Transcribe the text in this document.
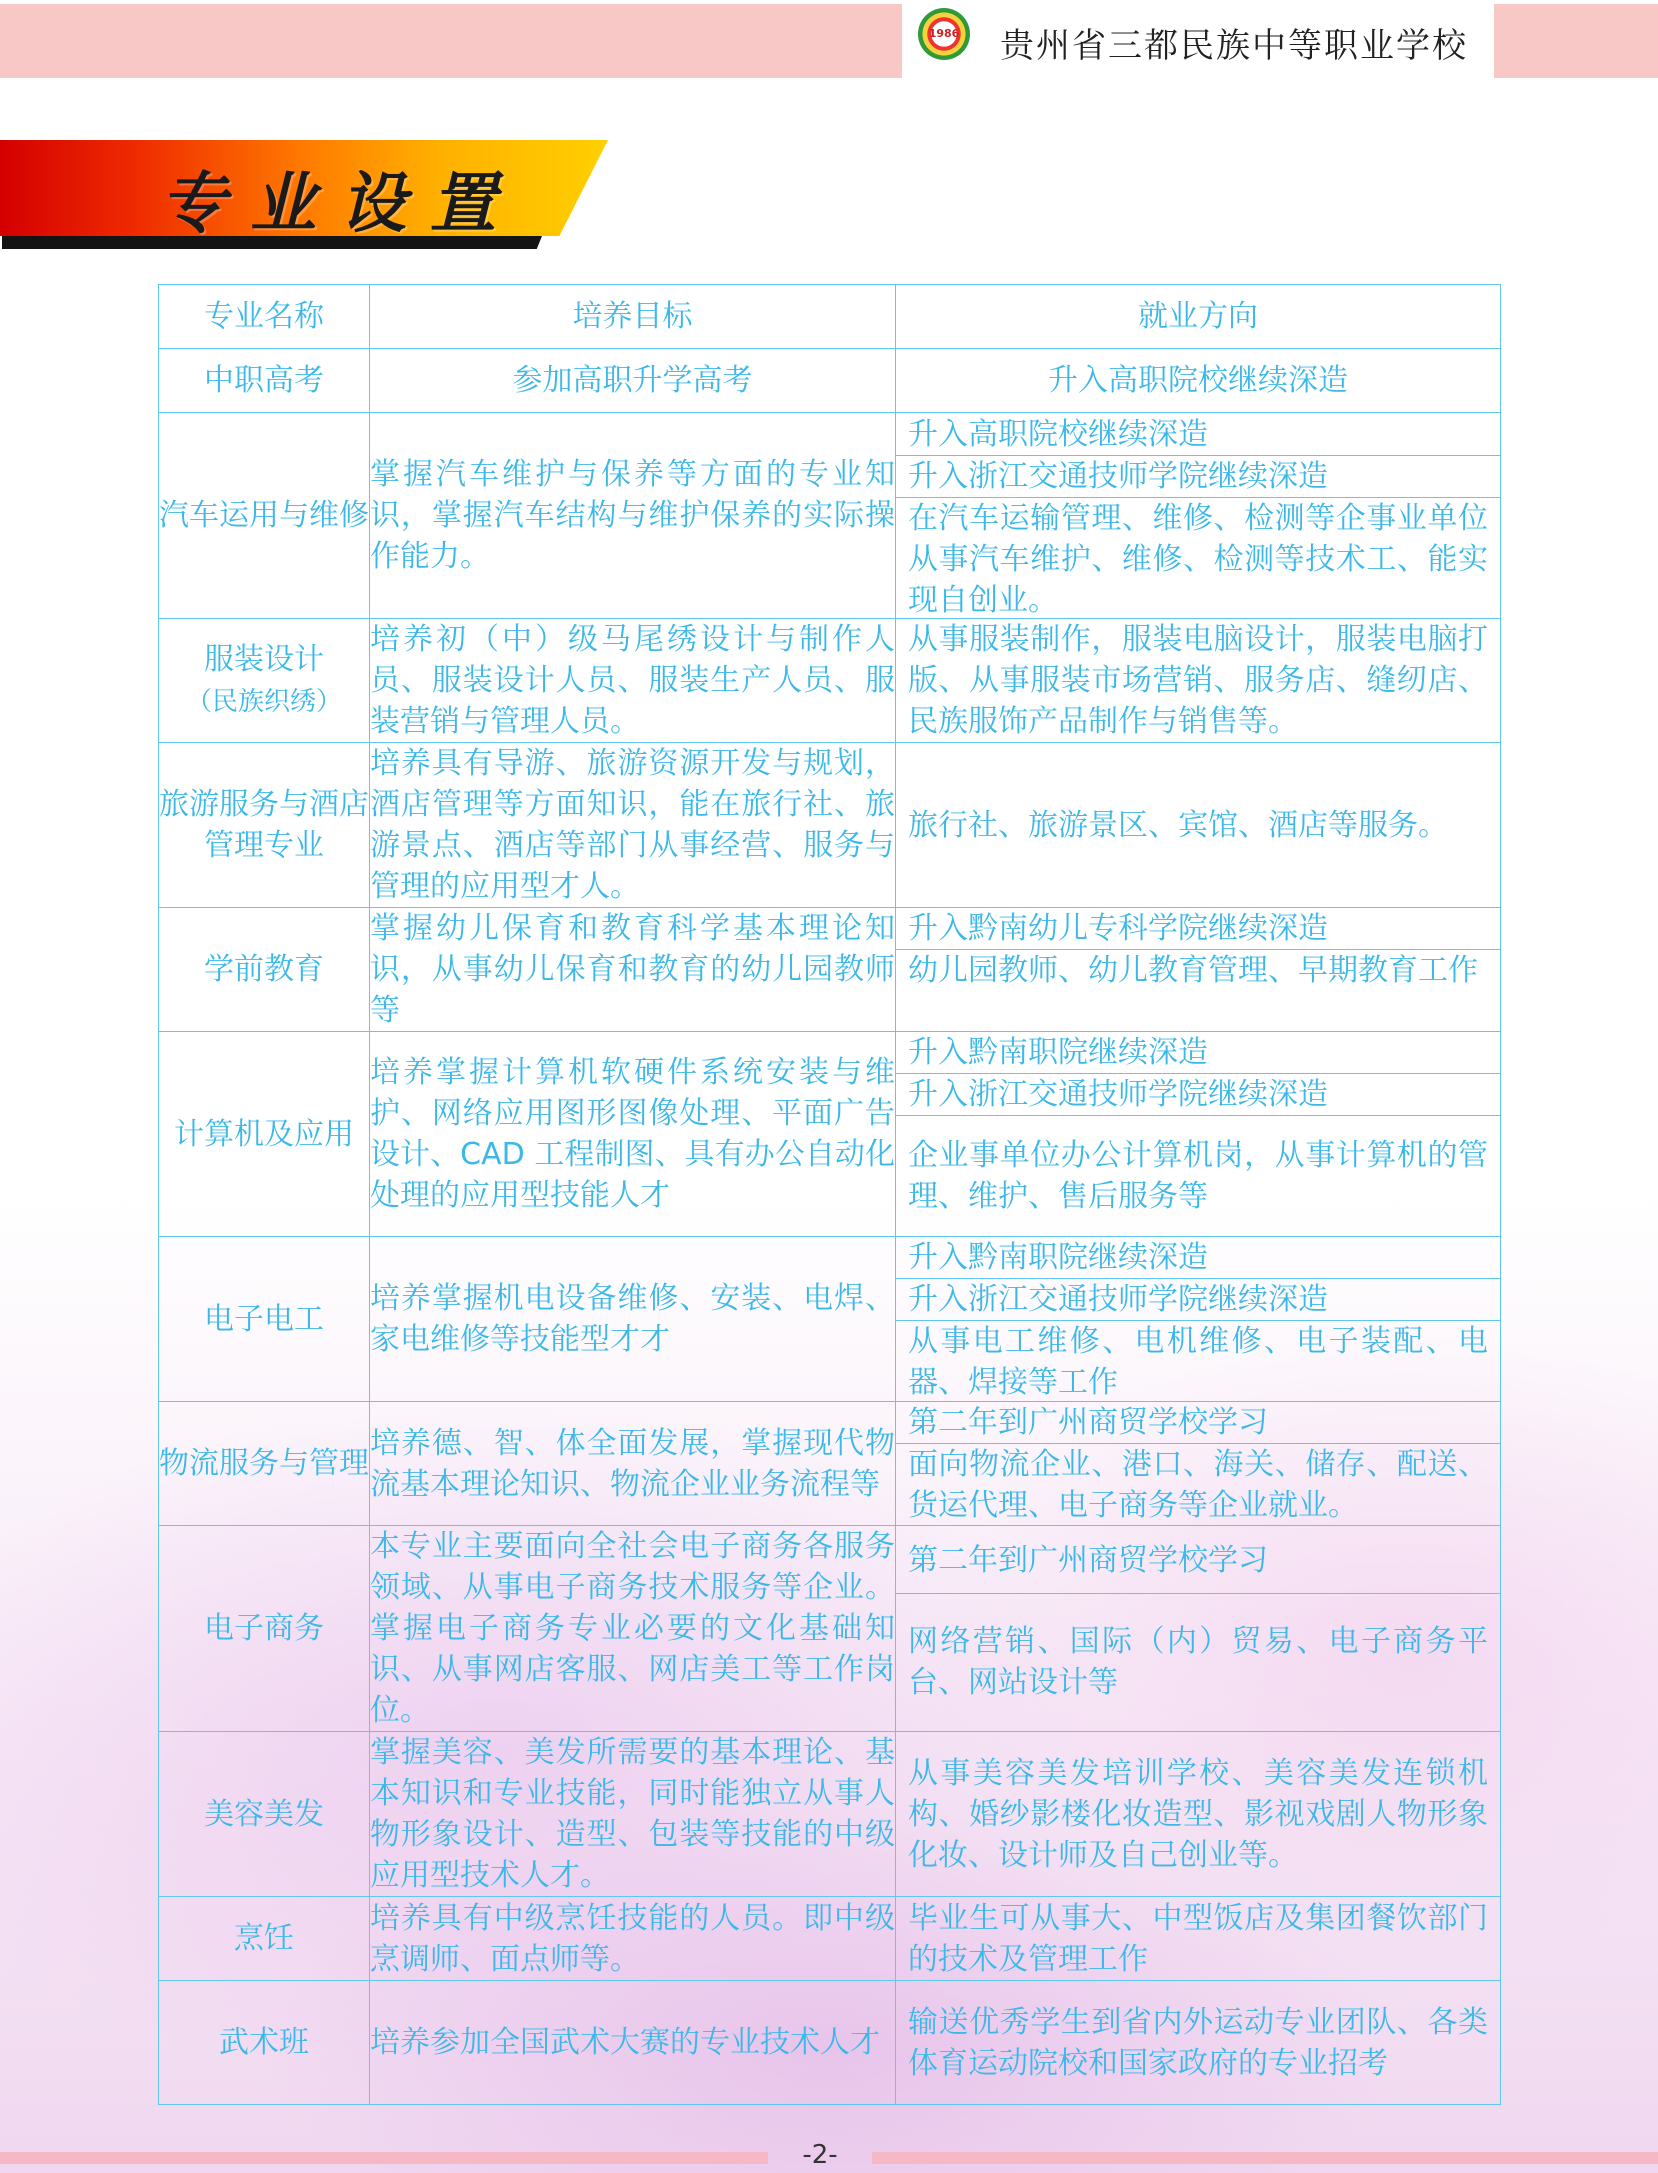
1986	贵州省三都民族中等职业学校
专业设置
专业名称	培养目标	就业方向
中职高考	参加高职升学高考	升入高职院校继续深造
汽车运用与维修	掌握汽车维护与保养等方面的专业知识，掌握汽车结构与维护保养的实际操作能力。	升入高职院校继续深造
升入浙江交通技师学院继续深造
在汽车运输管理、维修、检测等企事业单位从事汽车维护、维修、检测等技术工、能实现自创业。

服装设计
（民族织绣）	培养初（中）级马尾绣设计与制作人员、服装设计人员、服装生产人员、服装营销与管理人员。	从事服装制作，服装电脑设计，服装电脑打版、从事服装市场营销、服务店、缝纫店、民族服饰产品制作与销售等。

旅游服务与酒店管理专业	培养具有导游、旅游资源开发与规划，酒店管理等方面知识，能在旅行社、旅游景点、酒店等部门从事经营、服务与管理的应用型才人。	旅行社、旅游景区、宾馆、酒店等服务。

学前教育	掌握幼儿保育和教育科学基本理论知识，从事幼儿保育和教育的幼儿园教师等	升入黔南幼儿专科学院继续深造
幼儿园教师、幼儿教育管理、早期教育工作

计算机及应用	培养掌握计算机软硬件系统安装与维护、网络应用图形图像处理、平面广告设计、CAD 工程制图、具有办公自动化处理的应用型技能人才	升入黔南职院继续深造
升入浙江交通技师学院继续深造
企业事单位办公计算机岗，从事计算机的管理、维护、售后服务等

电子电工	培养掌握机电设备维修、安装、电焊、家电维修等技能型才才	升入黔南职院继续深造
升入浙江交通技师学院继续深造
从事电工维修、电机维修、电子装配、电器、焊接等工作

物流服务与管理	培养德、智、体全面发展，掌握现代物流基本理论知识、物流企业业务流程等	第二年到广州商贸学校学习
面向物流企业、港口、海关、储存、配送、货运代理、电子商务等企业就业。

电子商务	本专业主要面向全社会电子商务各服务领域、从事电子商务技术服务等企业。掌握电子商务专业必要的文化基础知识、从事网店客服、网店美工等工作岗位。	第二年到广州商贸学校学习
网络营销、国际（内）贸易、电子商务平台、网站设计等

美容美发	掌握美容、美发所需要的基本理论、基本知识和专业技能，同时能独立从事人物形象设计、造型、包装等技能的中级应用型技术人才。	从事美容美发培训学校、美容美发连锁机构、婚纱影楼化妆造型、影视戏剧人物形象化妆、设计师及自己创业等。

烹饪	培养具有中级烹饪技能的人员。即中级烹调师、面点师等。	毕业生可从事大、中型饭店及集团餐饮部门的技术及管理工作

武术班	培养参加全国武术大赛的专业技术人才	输送优秀学生到省内外运动专业团队、各类体育运动院校和国家政府的专业招考
-2-
